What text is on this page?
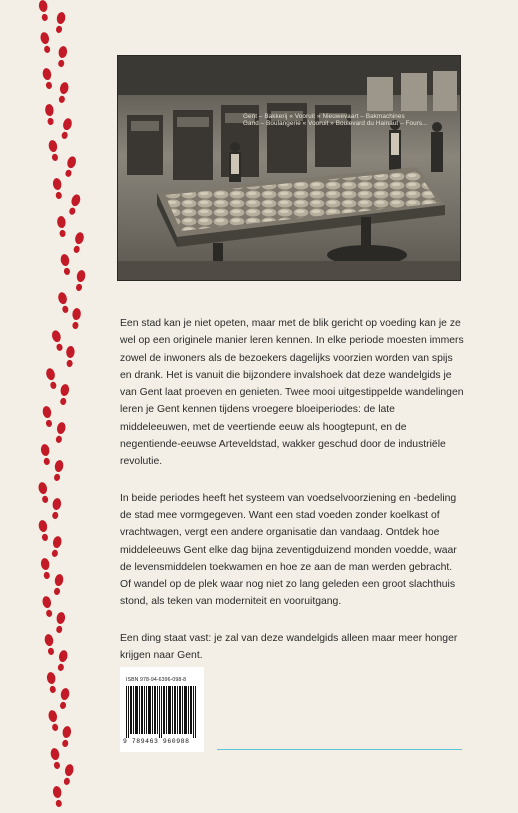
Gent – Bakkerij « Vooruit » Nieuwevaart – Bakmachines
Gand – Boulangerie « Vooruit » Boulevard du Hainaut – Fours...

Een stad kan je niet opeten, maar met de blik gericht op voeding kan je ze wel op een originele manier leren kennen. In elke periode moesten immers zowel de inwoners als de bezoekers dagelijks voorzien worden van spijs en drank. Het is vanuit die bijzondere invalshoek dat deze wandelgids je van Gent laat proeven en genieten. Twee mooi uitgestippelde wandelingen leren je Gent kennen tijdens vroegere bloeiperiodes: de late middeleeuwen, met de veertiende eeuw als hoogtepunt, en de negentiende-eeuwse Arteveldstad, wakker geschud door de industriële revolutie.

In beide periodes heeft het systeem van voedselvoorziening en -bedeling de stad mee vormgegeven. Want een stad voeden zonder koelkast of vrachtwagen, vergt een andere organisatie dan vandaag. Ontdek hoe middeleeuws Gent elke dag bijna zeventigduizend monden voedde, waar de levensmiddelen toekwamen en hoe ze aan de man werden gebracht. Of wandel op de plek waar nog niet zo lang geleden een groot slachthuis stond, als teken van moderniteit en vooruitgang.

Een ding staat vast: je zal van deze wandelgids alleen maar meer honger krijgen naar Gent.

ISBN 978-94-6396-098-8
9 789463 960988
